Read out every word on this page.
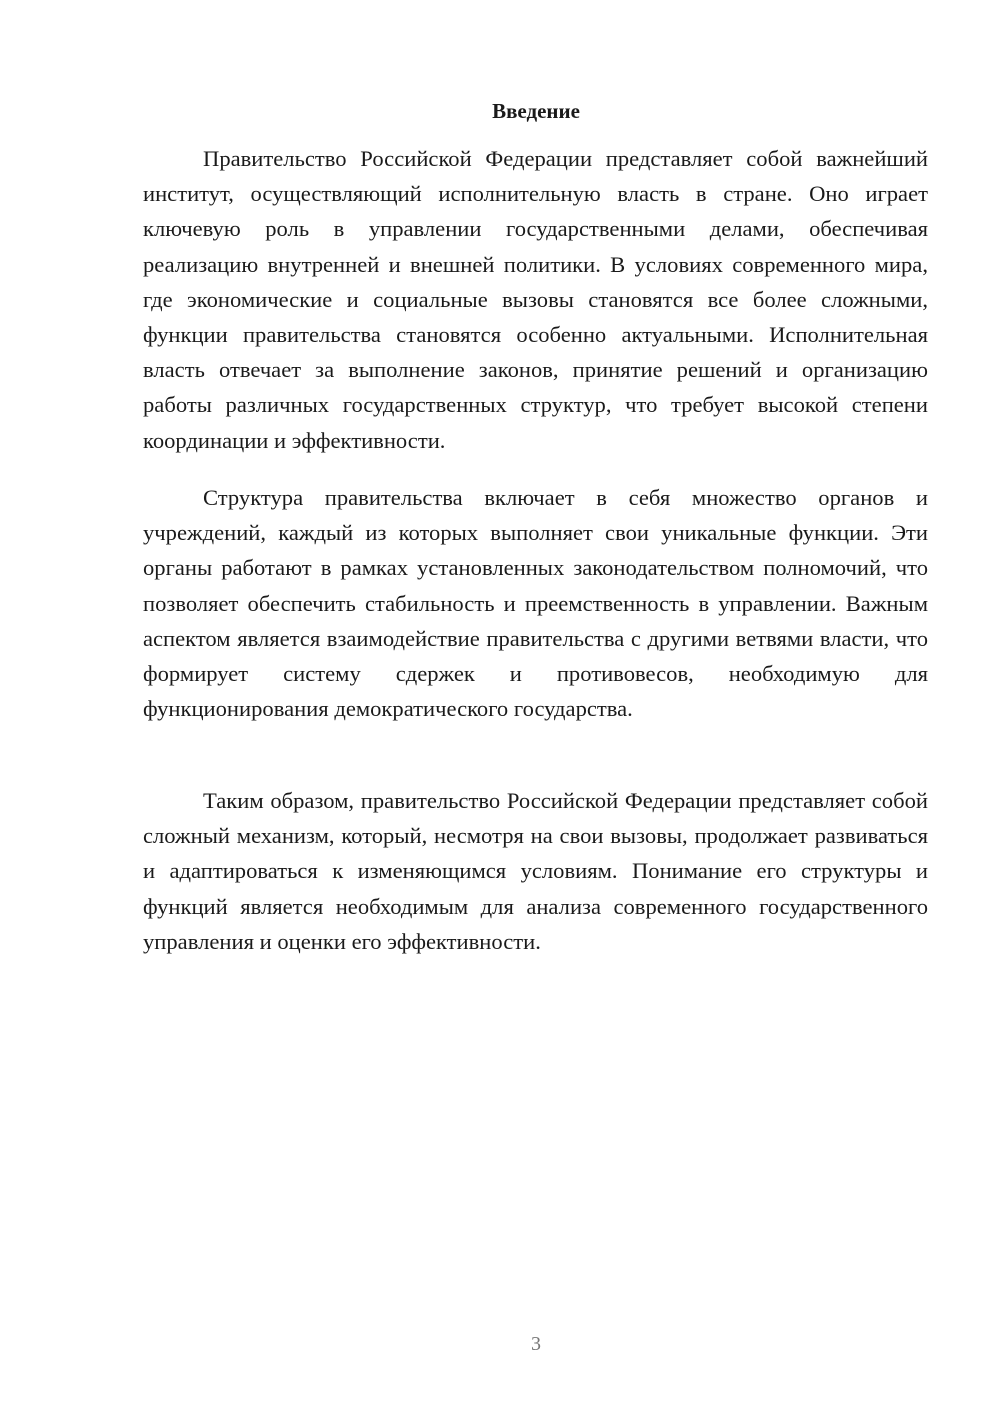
Введение

Правительство Российской Федерации представляет собой важнейший институт, осуществляющий исполнительную власть в стране. Оно играет ключевую роль в управлении государственными делами, обеспечивая реализацию внутренней и внешней политики. В условиях современного мира, где экономические и социальные вызовы становятся все более сложными, функции правительства становятся особенно актуальными. Исполнительная власть отвечает за выполнение законов, принятие решений и организацию работы различных государственных структур, что требует высокой степени координации и эффективности.

Структура правительства включает в себя множество органов и учреждений, каждый из которых выполняет свои уникальные функции. Эти органы работают в рамках установленных законодательством полномочий, что позволяет обеспечить стабильность и преемственность в управлении. Важным аспектом является взаимодействие правительства с другими ветвями власти, что формирует систему сдержек и противовесов, необходимую для функционирования демократического государства.

Таким образом, правительство Российской Федерации представляет собой сложный механизм, который, несмотря на свои вызовы, продолжает развиваться и адаптироваться к изменяющимся условиям. Понимание его структуры и функций является необходимым для анализа современного государственного управления и оценки его эффективности.

3
